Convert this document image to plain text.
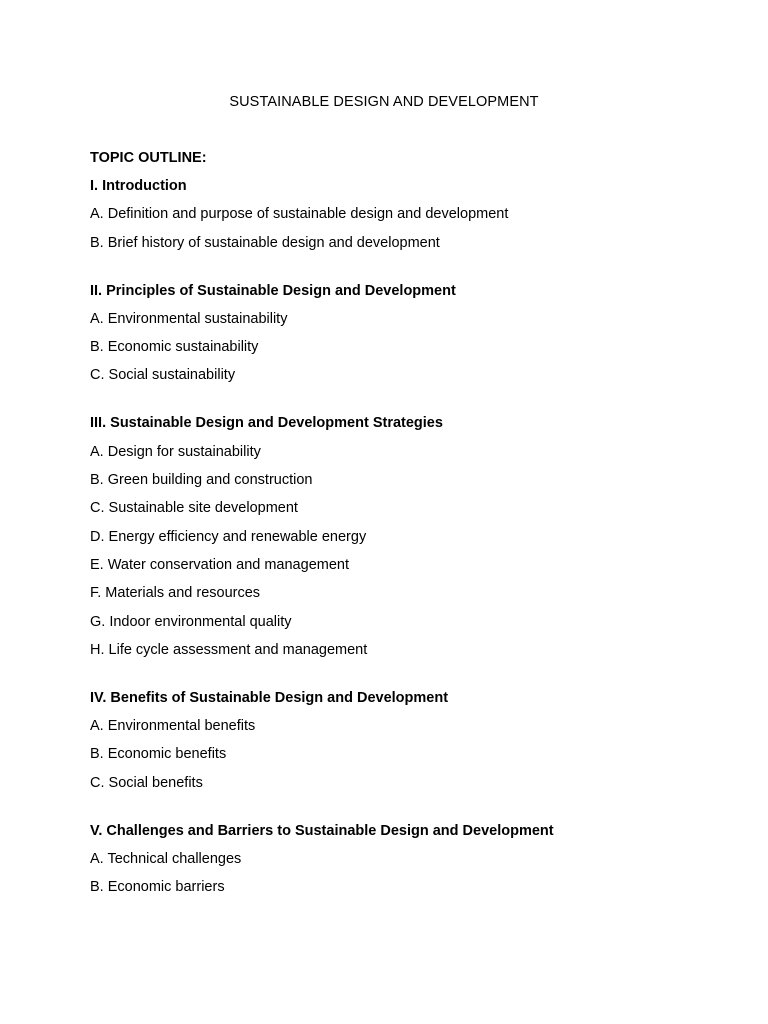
SUSTAINABLE DESIGN AND DEVELOPMENT
TOPIC OUTLINE:
I. Introduction
A. Definition and purpose of sustainable design and development
B. Brief history of sustainable design and development
II. Principles of Sustainable Design and Development
A. Environmental sustainability
B. Economic sustainability
C. Social sustainability
III. Sustainable Design and Development Strategies
A. Design for sustainability
B. Green building and construction
C. Sustainable site development
D. Energy efficiency and renewable energy
E. Water conservation and management
F. Materials and resources
G. Indoor environmental quality
H. Life cycle assessment and management
IV. Benefits of Sustainable Design and Development
A. Environmental benefits
B. Economic benefits
C. Social benefits
V. Challenges and Barriers to Sustainable Design and Development
A. Technical challenges
B. Economic barriers
